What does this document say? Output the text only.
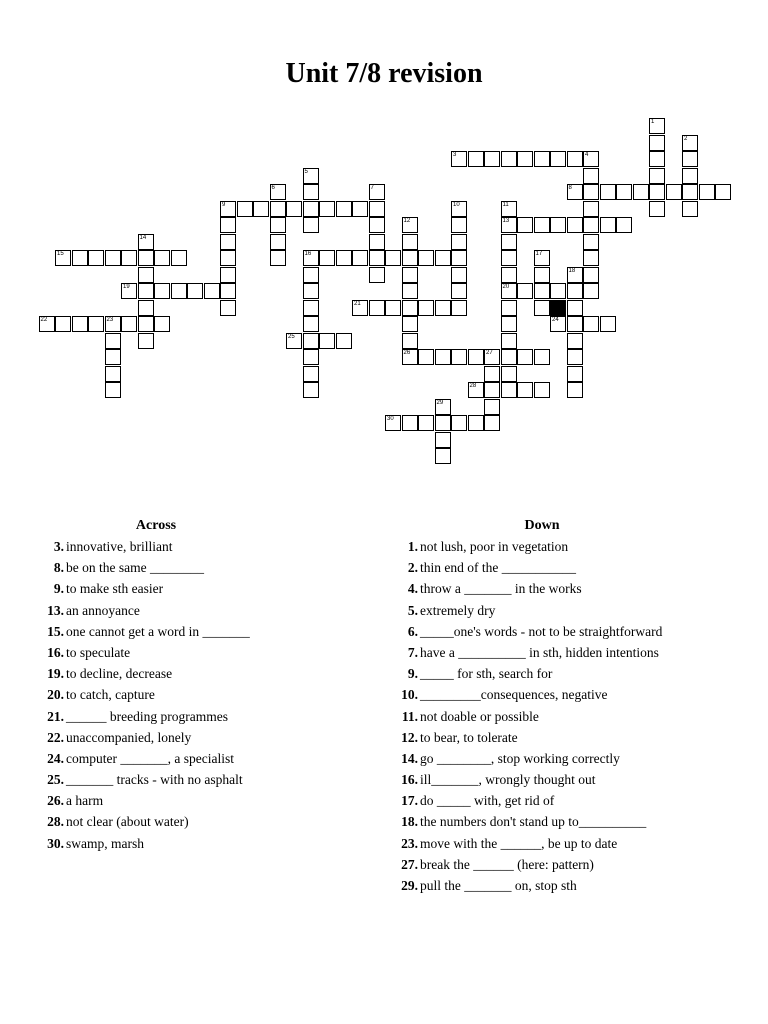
Unit 7/8 revision
1
2
3	4
5
6	7	8
9	10	11
13
20
12
26
14
15	16	17
18
19
21
22	23	24
25
27
28
29
30
Across
3. innovative, brilliant
8. be on the same ________
9. to make sth easier
13. an annoyance
15. one cannot get a word in _______
16. to speculate
19. to decline, decrease
20. to catch, capture
21. ______ breeding programmes
22. unaccompanied, lonely
24. computer _______, a specialist
25. _______ tracks - with no asphalt
26. a harm
28. not clear (about water)
30. swamp, marsh
Down
1. not lush, poor in vegetation
2. thin end of the ___________
4. throw a _______ in the works
5. extremely dry
6. _____one's words - not to be straightforward
7. have a __________ in sth, hidden intentions
9. _____ for sth, search for
10. _________consequences, negative
11. not doable or possible
12. to bear, to tolerate
14. go ________, stop working correctly
16. ill_______, wrongly thought out
17. do _____ with, get rid of
18. the numbers don't stand up to__________
23. move with the ______, be up to date
27. break the ______ (here: pattern)
29. pull the _______ on, stop sth
